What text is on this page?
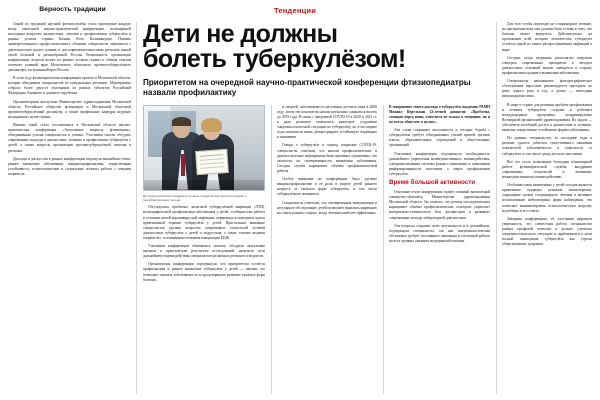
Верность традиции	Тенденции

Одной из традиций научной фтизиослужбы стало проведение каждую весну ежегодной научно-практической конференции, посвящённой насущным вопросам диагностики, лечения и профилактики туберкулёза в разных уголках страны: Казани, Ялте, Калининграде. Помимо заинтересованного профессионального общения специалисты знакомятся с деятельностью коллег, клиник и достопримечательностями регионов нашей такой большой и разнообразной России. Возможность организации конференции, встречи коллег из разных уголков страны и обмена опытом отмечает главный врач Московского областного противотуберкулёзного диспансера, заслуженный врач России.

В этом году фтизиатрическая конференция прошла в Московской области, которая объединила специалистов из центральных регионов. Мероприятие собрало более двухсот участников из разных субъектов Российской Федерации, ближнего и дальнего зарубежья.

Организаторами выступили Министерство здравоохранения Московской области, Российское общество фтизиатров и Московский областной противотуберкулёзный диспансер, а также профильные кафедры ведущих медицинских вузов страны.

Именно такой стала состоявшаяся в Московской области научно-практическая конференция «Актуальные вопросы фтизиатрии», объединившая усилия специалистов и учёных. Участники смогли обсудить современные подходы к диагностике, лечению и профилактике туберкулёза у детей, а также вопросы организации противотуберкулёзной помощи в регионах.

Доклады и дискуссии в рамках конференции затронули важнейшие темы: раннее выявление заболевания, вакцинопрофилактика, лекарственная устойчивость, психологические и социальные аспекты работы с семьями пациентов.

Дети не должны
болеть туберкулёзом!
Приоритетом на очередной научно-практической конференции фтизиопедиатры назвали профилактику
На торжественном открытии лучшим специалистам вручили награды и благодарственные письма.

Обсуждались проблемы латентной туберкулёзной инфекции (ЛТИ), неспецифической профилактики заболевания у детей, особенностям работы в условиях новой коронавирусной инфекции, первичные и повторные курсы превентивной терапии туберкулёза у детей. Пристальное внимание специалистов уделено вопросам современных технологий лучевой диагностики туберкулёза у детей и подростков, а также тактике ведения пациентов с осложнённым течением вакцинации БЦЖ.

Участники конференции обменялись опытом, обсудили актуальные научные и практические результаты исследований, наметили пути дальнейшего взаимодействия специалистов различных регионов и ведомств.

Организаторы конференции подчеркнули, что приоритетом остаётся профилактика и раннее выявление туберкулёза у детей — именно это позволяет снижать заболеваемость и предотвращать развитие тяжёлых форм болезни.

и смертей, заболеваемость населения достигла пика в 2000 году, затем эти показатели начали неуклонно снижаться вплоть до 2019 года. В связи с пандемией COVID-19 в 2020 и 2021 гг. в ряде регионов отмечалось некоторое ухудшение эпидемиологической ситуации по туберкулёзу, но в последние годы показатели вновь демонстрируют устойчивую тенденцию к снижению.

Говоря о туберкулёзе в период пандемии COVID-19, специалисты отмечали, что многие профилактические и диагностические мероприятия были временно ограничены, что сказалось на своевременности выявления заболевания. Сегодня служба наращивает объёмы профилактической работы.

Особое внимание на конференции было уделено вакцинопрофилактике и её роли в защите детей раннего возраста от тяжёлых форм туберкулёза, в том числе туберкулёзного менингита.

Специалисты отметили, что своевременная иммунизация и регулярное обследование детей позволяют выявлять инфекцию на самых ранних стадиях, когда лечение наиболее эффективно.

В завершение своего доклада о туберкулёзе академик РАМН Михаил Перельман 22-летней давности: «Проблема, стоящая перед нами, относится не только к медицине, но и ко всему обществу в целом».

Эти слова сохраняют актуальность и сегодня: борьба с туберкулёзом требует объединённых усилий врачей, органов власти, образовательных учреждений и общественных организаций.

Участники конференции подчеркнули необходимость дальнейшего укрепления межведомственного взаимодействия, совершенствования системы раннего выявления и повышения информированности населения о мерах профилактики туберкулёза.

Время большой активности

Основные итоги конференции подвёл главный внештатный специалист-фтизиатр Министерства здравоохранения Московской области. Он отметил, что регион последовательно наращивает объёмы профилактических осмотров, укрепляет материально-техническую базу диспансеров и развивает современные методы лабораторной диагностики.

Эти вопросы сохранят свою актуальность и в дальнейшем, подчеркнули специалисты, так как эпидемиологическая обстановка требует постоянного внимания и системной работы на всех уровнях оказания медицинской помощи.

Для того чтобы переходят на стационарное лечение, на протяжении века они должны быть готовы к тому, что болезнь может вернуться. Действительно, на протяжении всей истории человечества туберкулёз остаётся одной из самых распространённых инфекций в мире.

Сегодня, когда медицина располагает широким спектром современных препаратов и методов диагностики, основной акцент смещается в сторону профилактики и раннего выявления заболевания.

Специалисты напоминают: флюорографическое обследование взрослым рекомендуется проходить не реже одного раза в год, а детям — ежегодная иммунодиагностика.

В мире и стране для решения проблем профилактики и лечения туберкулёза созданы и работают международные программы, координируемые Всемирной организацией здравоохранения. Их задача — обеспечить всеобщий доступ к диагностике и лечению, включая лекарственно-устойчивые формы заболевания.

По данным специалистов, за последние годы в регионе удалось добиться существенного снижения показателей заболеваемости и смертности от туберкулёза, в том числе среди детского населения.

Всё это стало возможным благодаря планомерной работе фтизиатрической службы, внедрению современных технологий и активному межведомственному взаимодействию.

Особенностями намеченные у детей сегодня является применение щадящих режимов химиотерапии, сокращение сроков стационарного лечения и активное использование амбулаторных форм наблюдения, что позволяет минимизировать психологическую нагрузку на ребёнка и его семью.

Завершая конференцию, её участники выразили уверенность, что совместная работа специалистов разных профилей позволит и дальше улучшать эпидемиологическую ситуацию и приближаться к цели полной ликвидации туберкулёза как угрозы общественному здоровью.
